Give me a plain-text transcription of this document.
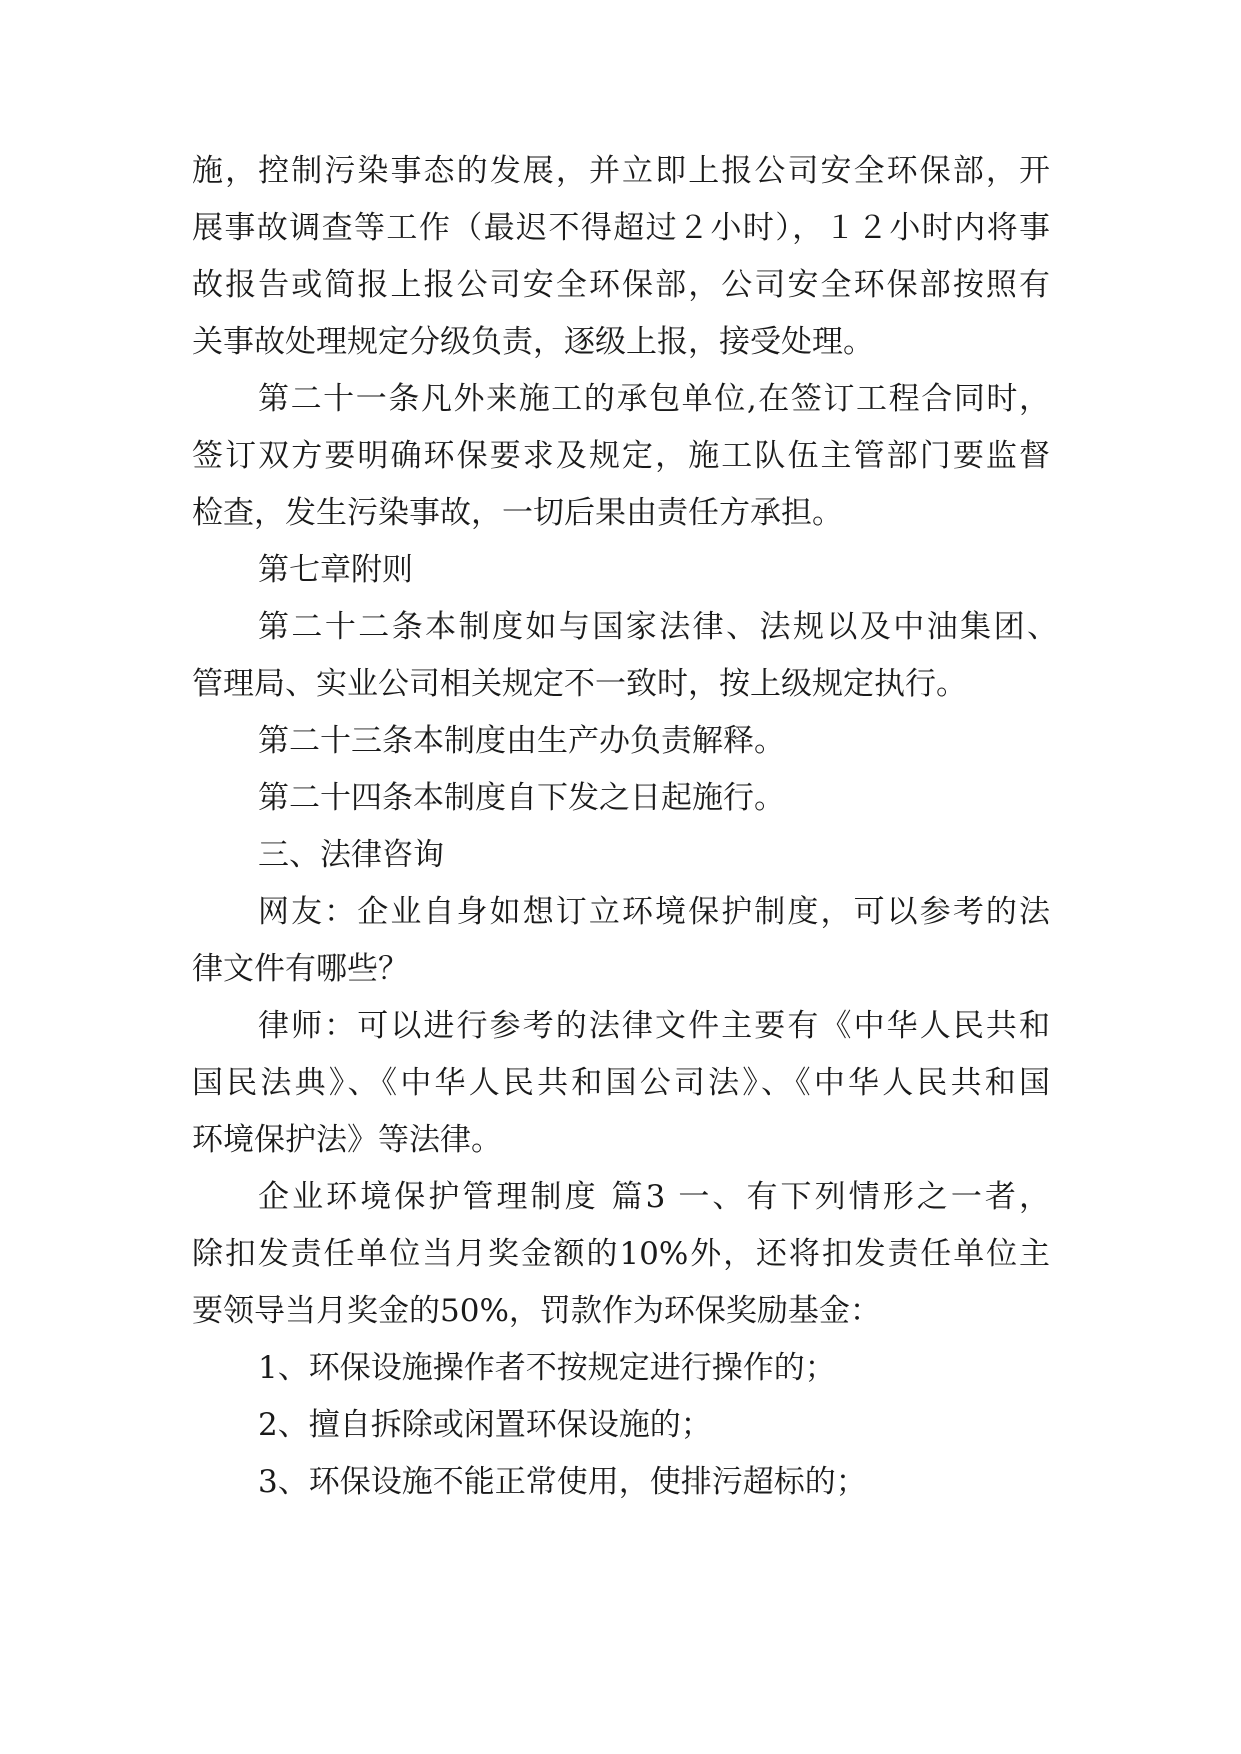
施，控制污染事态的发展，并立即上报公司安全环保部，开
展事故调查等工作（最迟不得超过２小时），１２小时内将事
故报告或简报上报公司安全环保部，公司安全环保部按照有
关事故处理规定分级负责，逐级上报，接受处理。
第二十一条凡外来施工的承包单位,在签订工程合同时，
签订双方要明确环保要求及规定，施工队伍主管部门要监督
检查，发生污染事故，一切后果由责任方承担。
第七章附则
第二十二条本制度如与国家法律、法规以及中油集团、
管理局、实业公司相关规定不一致时，按上级规定执行。
第二十三条本制度由生产办负责解释。
第二十四条本制度自下发之日起施行。
三、法律咨询
网友：企业自身如想订立环境保护制度，可以参考的法
律文件有哪些？
律师：可以进行参考的法律文件主要有《中华人民共和
国民法典》、《中华人民共和国公司法》、《中华人民共和国
环境保护法》等法律。
企业环境保护管理制度 篇3 一、有下列情形之一者，
除扣发责任单位当月奖金额的10%外，还将扣发责任单位主
要领导当月奖金的50%，罚款作为环保奖励基金：
1、环保设施操作者不按规定进行操作的；
2、擅自拆除或闲置环保设施的；
3、环保设施不能正常使用，使排污超标的；
